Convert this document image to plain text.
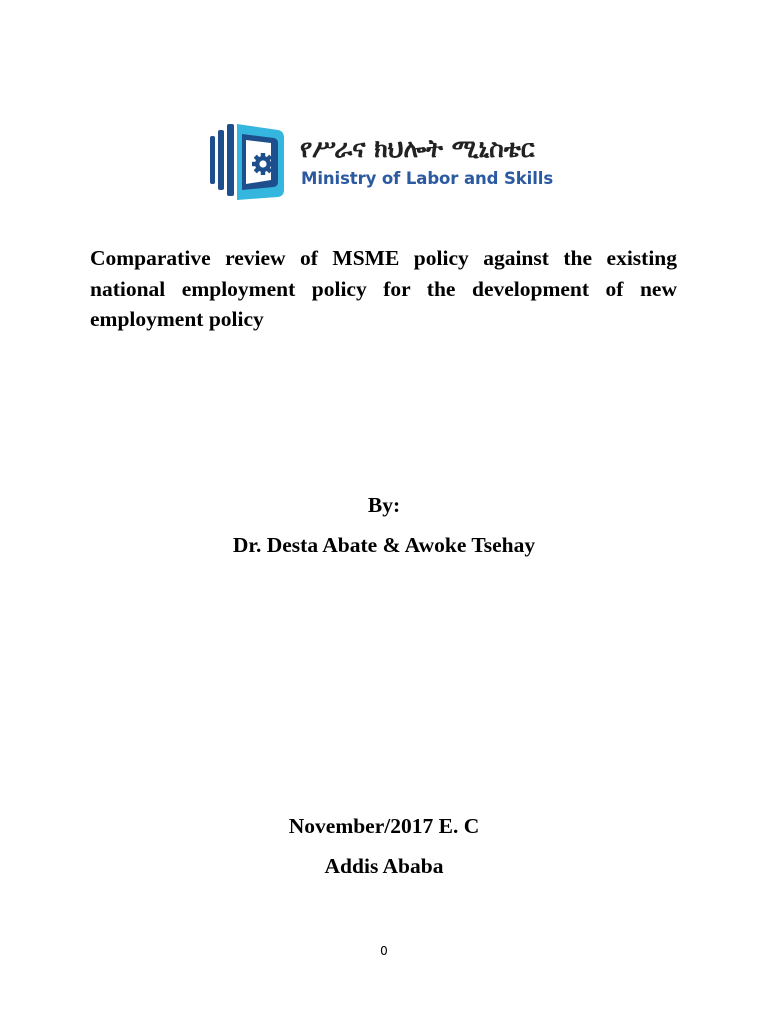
የሥራና ክህሎት ሚኒስቴር
Ministry of Labor and Skills

Comparative review of MSME policy against the existing national employment policy for the development of new employment policy

By:
Dr. Desta Abate & Awoke Tsehay
November/2017 E. C
Addis Ababa
0
